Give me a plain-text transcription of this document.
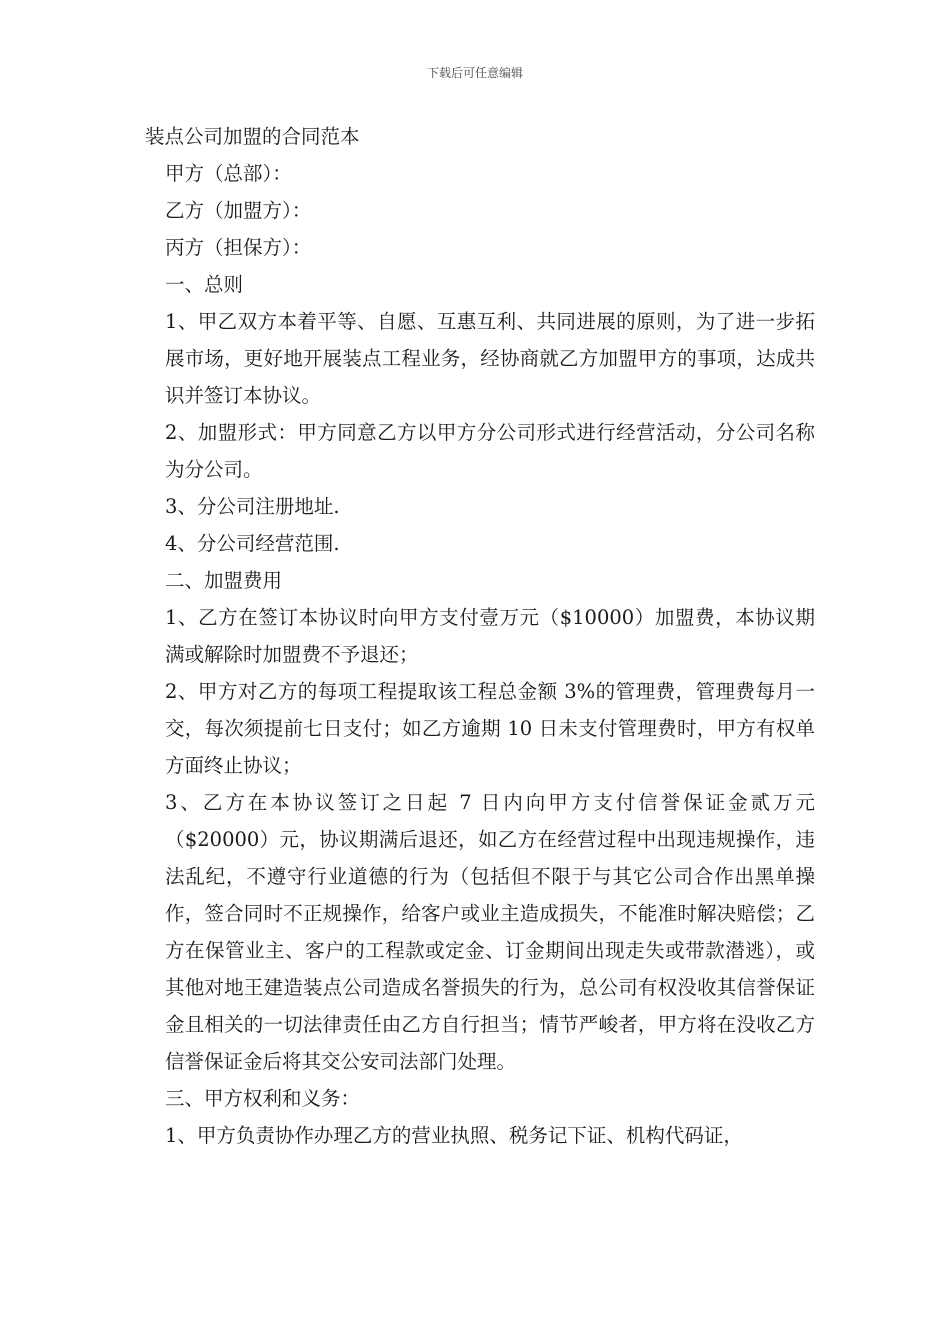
下载后可任意编辑

装点公司加盟的合同范本

甲方（总部）：

乙方（加盟方）：

丙方（担保方）：

一、总则

1、甲乙双方本着平等、自愿、互惠互利、共同进展的原则，为了进一步拓展市场，更好地开展装点工程业务，经协商就乙方加盟甲方的事项，达成共识并签订本协议。

2、加盟形式：甲方同意乙方以甲方分公司形式进行经营活动，分公司名称为分公司。

3、分公司注册地址.

4、分公司经营范围.

二、加盟费用

1、乙方在签订本协议时向甲方支付壹万元（$10000）加盟费，本协议期满或解除时加盟费不予退还；

2、甲方对乙方的每项工程提取该工程总金额 3%的管理费，管理费每月一交，每次须提前七日支付；如乙方逾期 10 日未支付管理费时，甲方有权单方面终止协议；

3、乙方在本协议签订之日起 7 日内向甲方支付信誉保证金贰万元（$20000）元，协议期满后退还，如乙方在经营过程中出现违规操作，违法乱纪，不遵守行业道德的行为（包括但不限于与其它公司合作出黑单操作，签合同时不正规操作，给客户或业主造成损失，不能准时解决赔偿；乙方在保管业主、客户的工程款或定金、订金期间出现走失或带款潜逃），或其他对地王建造装点公司造成名誉损失的行为，总公司有权没收其信誉保证金且相关的一切法律责任由乙方自行担当；情节严峻者，甲方将在没收乙方信誉保证金后将其交公安司法部门处理。

三、甲方权利和义务：

1、甲方负责协作办理乙方的营业执照、税务记下证、机构代码证，
